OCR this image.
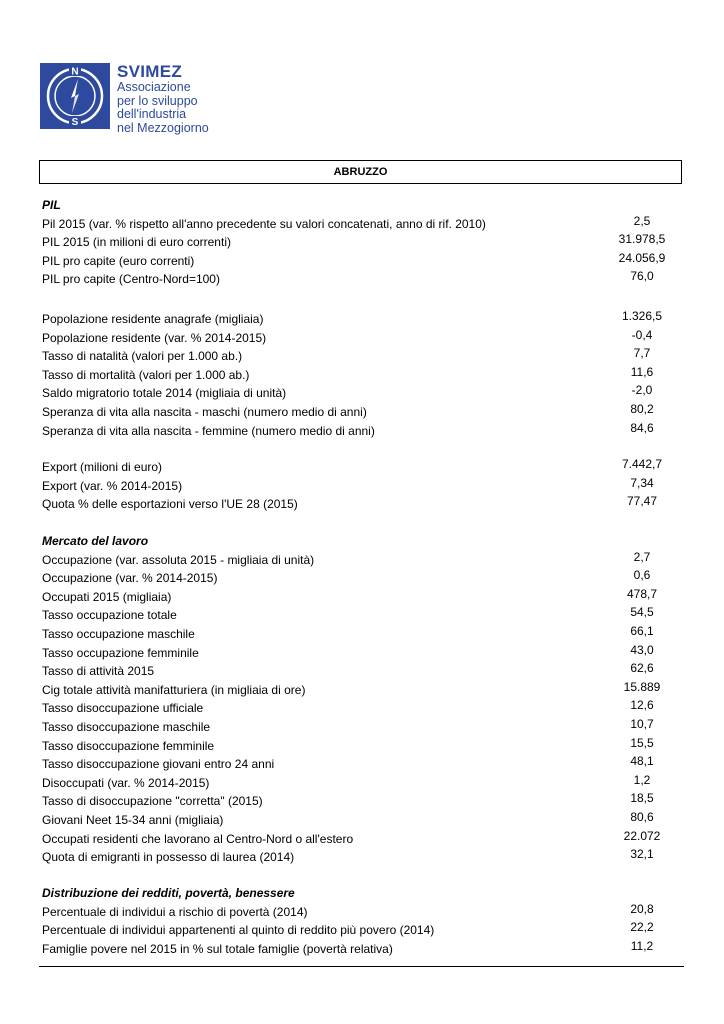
N
S
SVIMEZ
Associazione
per lo sviluppo
dell'industria
nel Mezzogiorno
ABRUZZO
PIL
Pil 2015 (var. % rispetto all'anno precedente su valori concatenati, anno di rif. 2010)	2,5
PIL 2015 (in milioni di euro correnti)	31.978,5
PIL pro capite (euro correnti)	24.056,9
PIL pro capite (Centro-Nord=100)	76,0
Popolazione residente anagrafe (migliaia)	1.326,5
Popolazione residente (var. % 2014-2015)	-0,4
Tasso di natalità (valori per 1.000 ab.)	7,7
Tasso di mortalità (valori per 1.000 ab.)	11,6
Saldo migratorio totale 2014 (migliaia di unità)	-2,0
Speranza di vita alla nascita - maschi (numero medio di anni)	80,2
Speranza di vita alla nascita - femmine (numero medio di anni)	84,6
Export (milioni di euro)	7.442,7
Export (var. % 2014-2015)	7,34
Quota % delle esportazioni verso l'UE 28 (2015)	77,47
Mercato del lavoro
Occupazione (var. assoluta 2015 - migliaia di unità)	2,7
Occupazione (var. % 2014-2015)	0,6
Occupati 2015 (migliaia)	478,7
Tasso occupazione totale	54,5
Tasso occupazione maschile	66,1
Tasso occupazione femminile	43,0
Tasso di attività 2015	62,6
Cig totale attività manifatturiera (in migliaia di ore)	15.889
Tasso disoccupazione ufficiale	12,6
Tasso disoccupazione maschile	10,7
Tasso disoccupazione femminile	15,5
Tasso disoccupazione giovani entro 24 anni	48,1
Disoccupati (var. % 2014-2015)	1,2
Tasso di disoccupazione "corretta" (2015)	18,5
Giovani Neet 15-34 anni (migliaia)	80,6
Occupati residenti che lavorano al Centro-Nord o all'estero	22.072
Quota di emigranti in possesso di laurea (2014)	32,1
Distribuzione dei redditi, povertà, benessere
Percentuale di individui a rischio di povertà (2014)	20,8
Percentuale di individui appartenenti al quinto di reddito più povero (2014)	22,2
Famiglie povere nel 2015 in % sul totale famiglie (povertà relativa)	11,2
